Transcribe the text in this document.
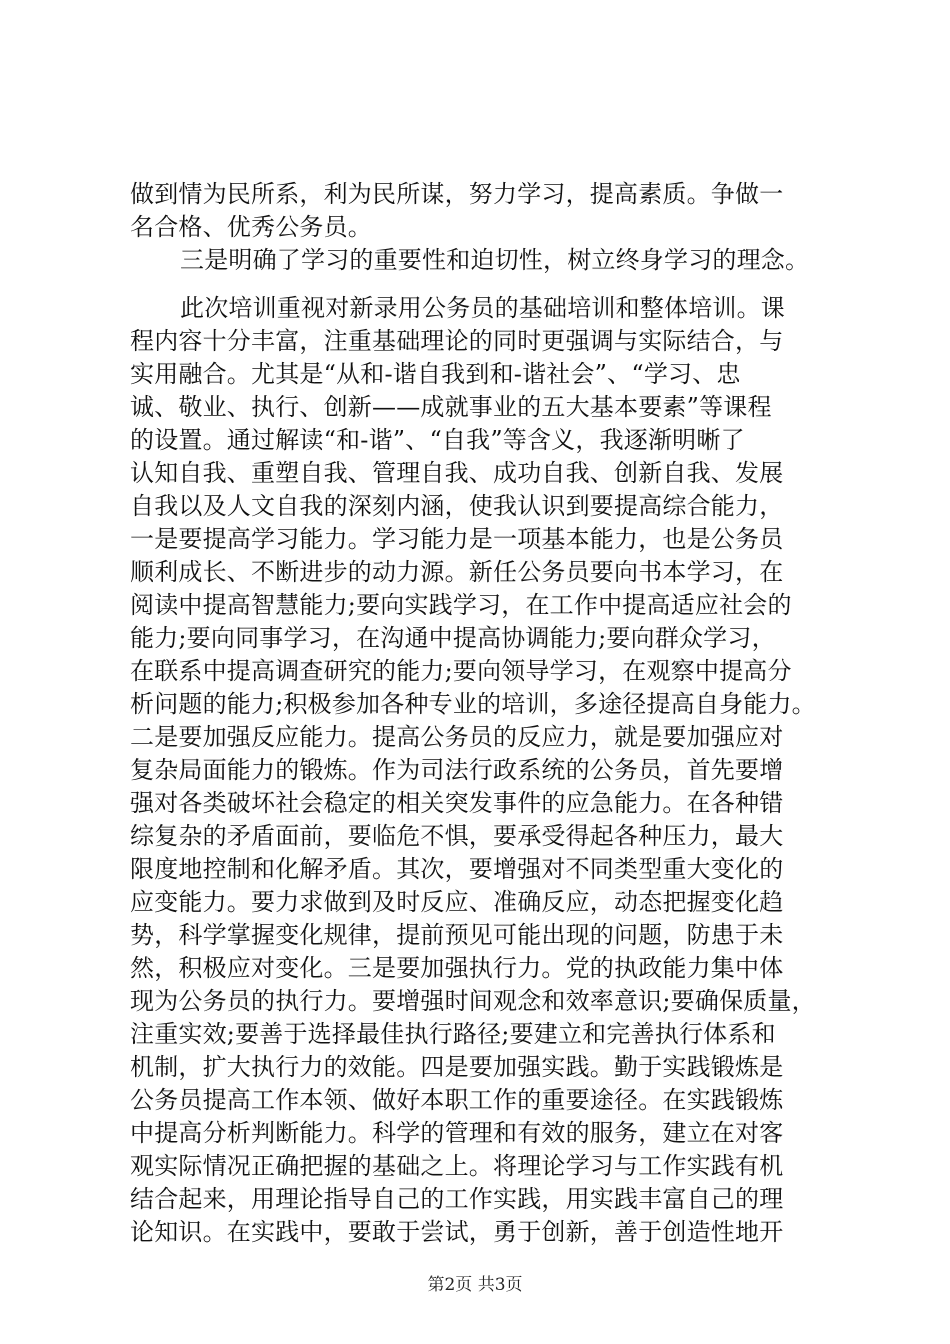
做到情为民所系，利为民所谋，努力学习，提高素质。争做一
名合格、优秀公务员。
三是明确了学习的重要性和迫切性，树立终身学习的理念。
此次培训重视对新录用公务员的基础培训和整体培训。课
程内容十分丰富，注重基础理论的同时更强调与实际结合，与
实用融合。尤其是“从和-谐自我到和-谐社会”、“学习、忠
诚、敬业、执行、创新——成就事业的五大基本要素”等课程
的设置。通过解读“和-谐”、“自我”等含义，我逐渐明晰了
认知自我、重塑自我、管理自我、成功自我、创新自我、发展
自我以及人文自我的深刻内涵，使我认识到要提高综合能力，
一是要提高学习能力。学习能力是一项基本能力，也是公务员
顺利成长、不断进步的动力源。新任公务员要向书本学习，在
阅读中提高智慧能力;要向实践学习，在工作中提高适应社会的
能力;要向同事学习，在沟通中提高协调能力;要向群众学习，
在联系中提高调查研究的能力;要向领导学习，在观察中提高分
析问题的能力;积极参加各种专业的培训，多途径提高自身能力。
二是要加强反应能力。提高公务员的反应力，就是要加强应对
复杂局面能力的锻炼。作为司法行政系统的公务员，首先要增
强对各类破坏社会稳定的相关突发事件的应急能力。在各种错
综复杂的矛盾面前，要临危不惧，要承受得起各种压力，最大
限度地控制和化解矛盾。其次，要增强对不同类型重大变化的
应变能力。要力求做到及时反应、准确反应，动态把握变化趋
势，科学掌握变化规律，提前预见可能出现的问题，防患于未
然，积极应对变化。三是要加强执行力。党的执政能力集中体
现为公务员的执行力。要增强时间观念和效率意识;要确保质量，
注重实效;要善于选择最佳执行路径;要建立和完善执行体系和
机制，扩大执行力的效能。四是要加强实践。勤于实践锻炼是
公务员提高工作本领、做好本职工作的重要途径。在实践锻炼
中提高分析判断能力。科学的管理和有效的服务，建立在对客
观实际情况正确把握的基础之上。将理论学习与工作实践有机
结合起来，用理论指导自己的工作实践，用实践丰富自己的理
论知识。在实践中，要敢于尝试，勇于创新，善于创造性地开
第2页 共3页
